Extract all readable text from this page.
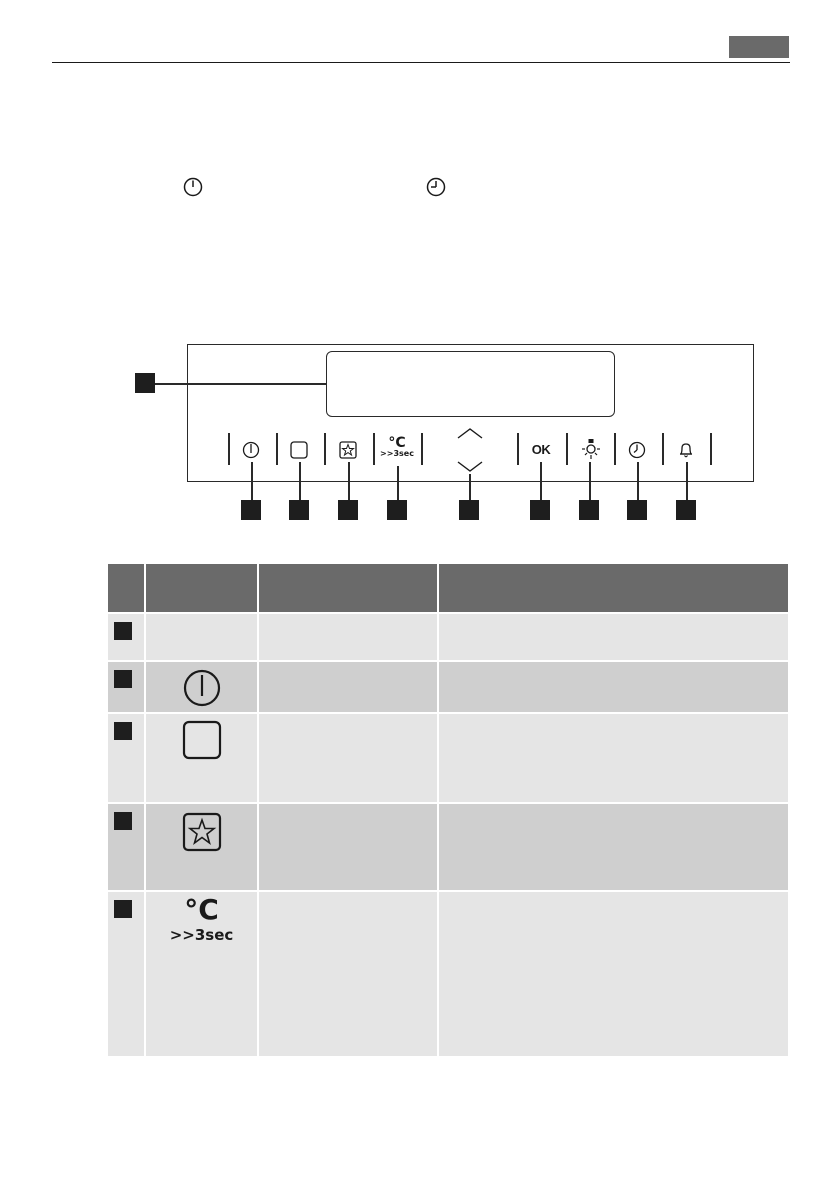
°C
>>3sec	OK
°C
>>3sec
